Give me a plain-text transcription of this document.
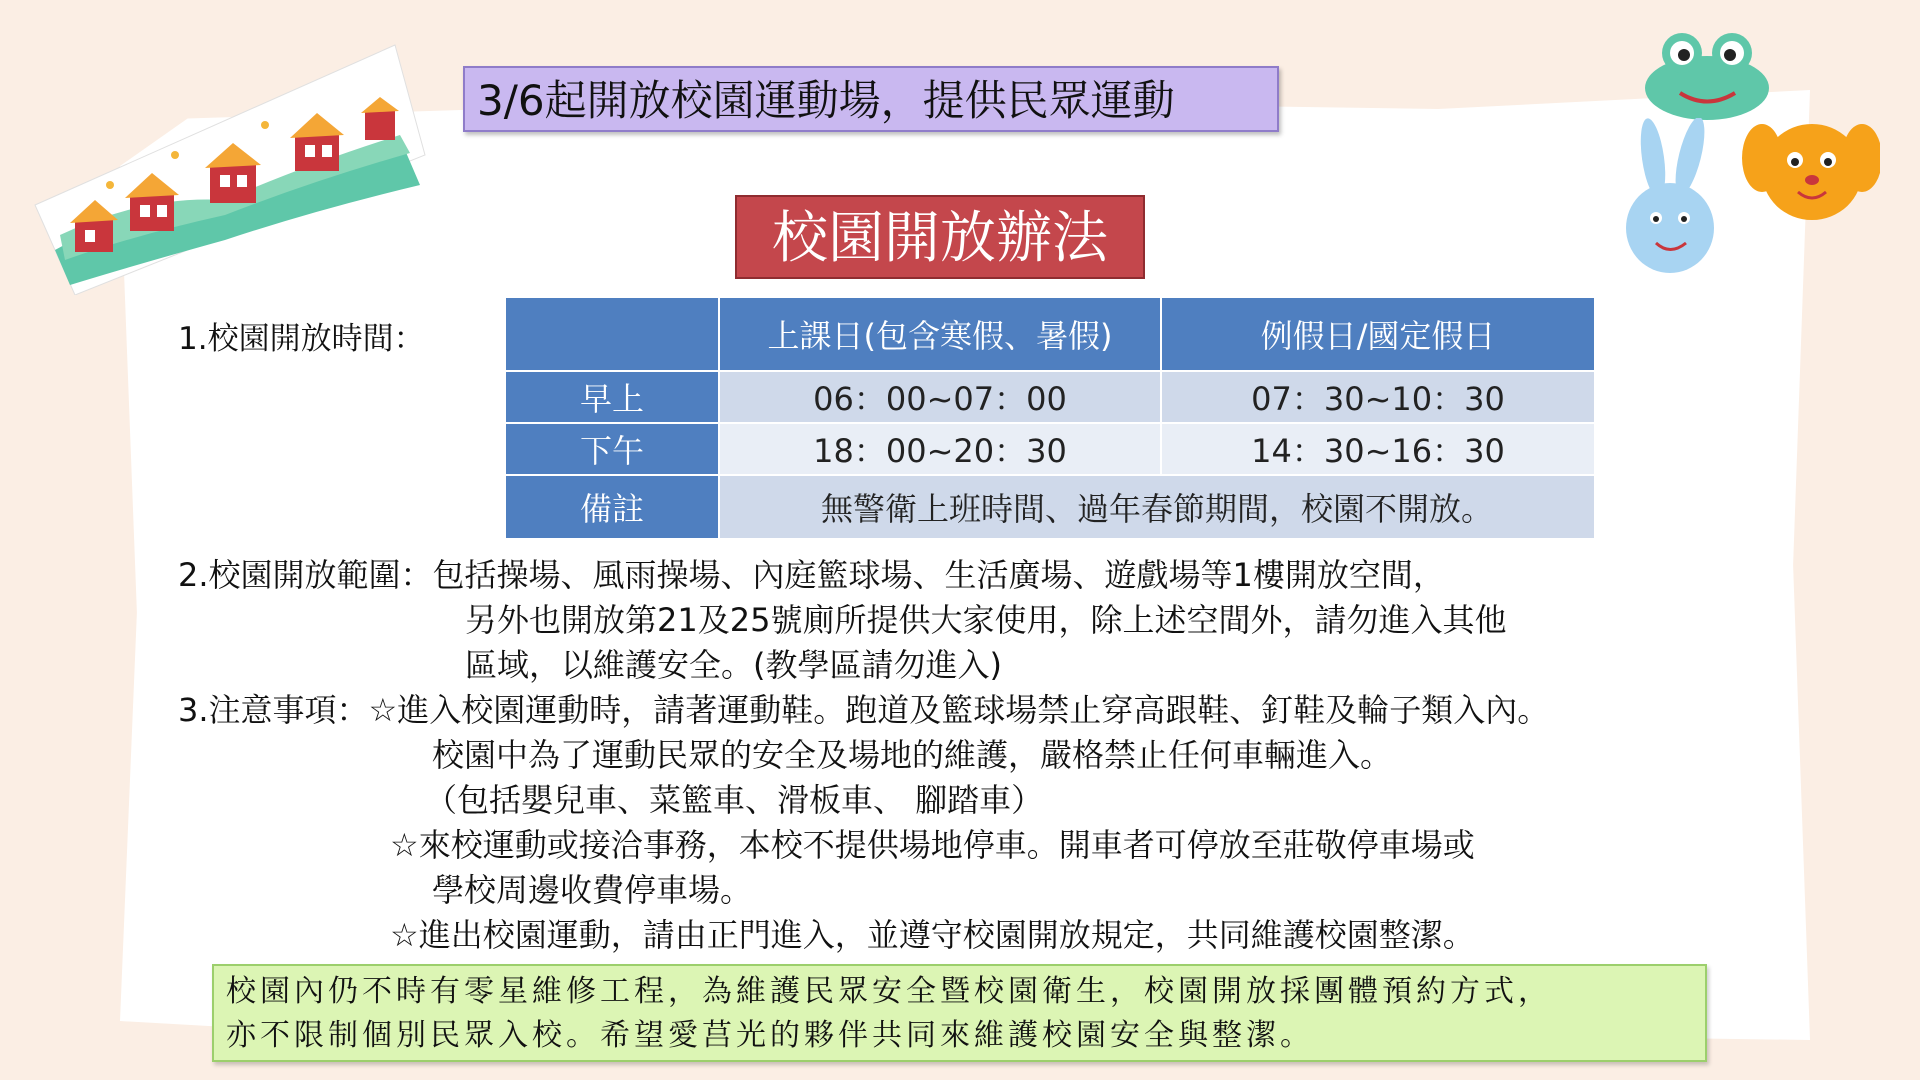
3/6起開放校園運動場，提供民眾運動
校園開放辦法
1.校園開放時間：
		上課日(包含寒假、暑假)	例假日/國定假日
早上	06：00~07：00	07：30~10：30
下午	18：00~20：30	14：30~16：30
備註	無警衛上班時間、過年春節期間，校園不開放。	
2.校園開放範圍：包括操場、風雨操場、內庭籃球場、生活廣場、遊戲場等1樓開放空間，
另外也開放第21及25號廁所提供大家使用，除上述空間外，請勿進入其他
區域，以維護安全。(教學區請勿進入)
3.注意事項：☆進入校園運動時，請著運動鞋。跑道及籃球場禁止穿高跟鞋、釘鞋及輪子類入內。
校園中為了運動民眾的安全及場地的維護，嚴格禁止任何車輛進入。
（包括嬰兒車、菜籃車、滑板車、 腳踏車）
☆來校運動或接洽事務，本校不提供場地停車。開車者可停放至莊敬停車場或
學校周邊收費停車場。
☆進出校園運動，請由正門進入，並遵守校園開放規定，共同維護校園整潔。
校園內仍不時有零星維修工程，為維護民眾安全暨校園衛生，校園開放採團體預約方式，
亦不限制個別民眾入校。希望愛莒光的夥伴共同來維護校園安全與整潔。
